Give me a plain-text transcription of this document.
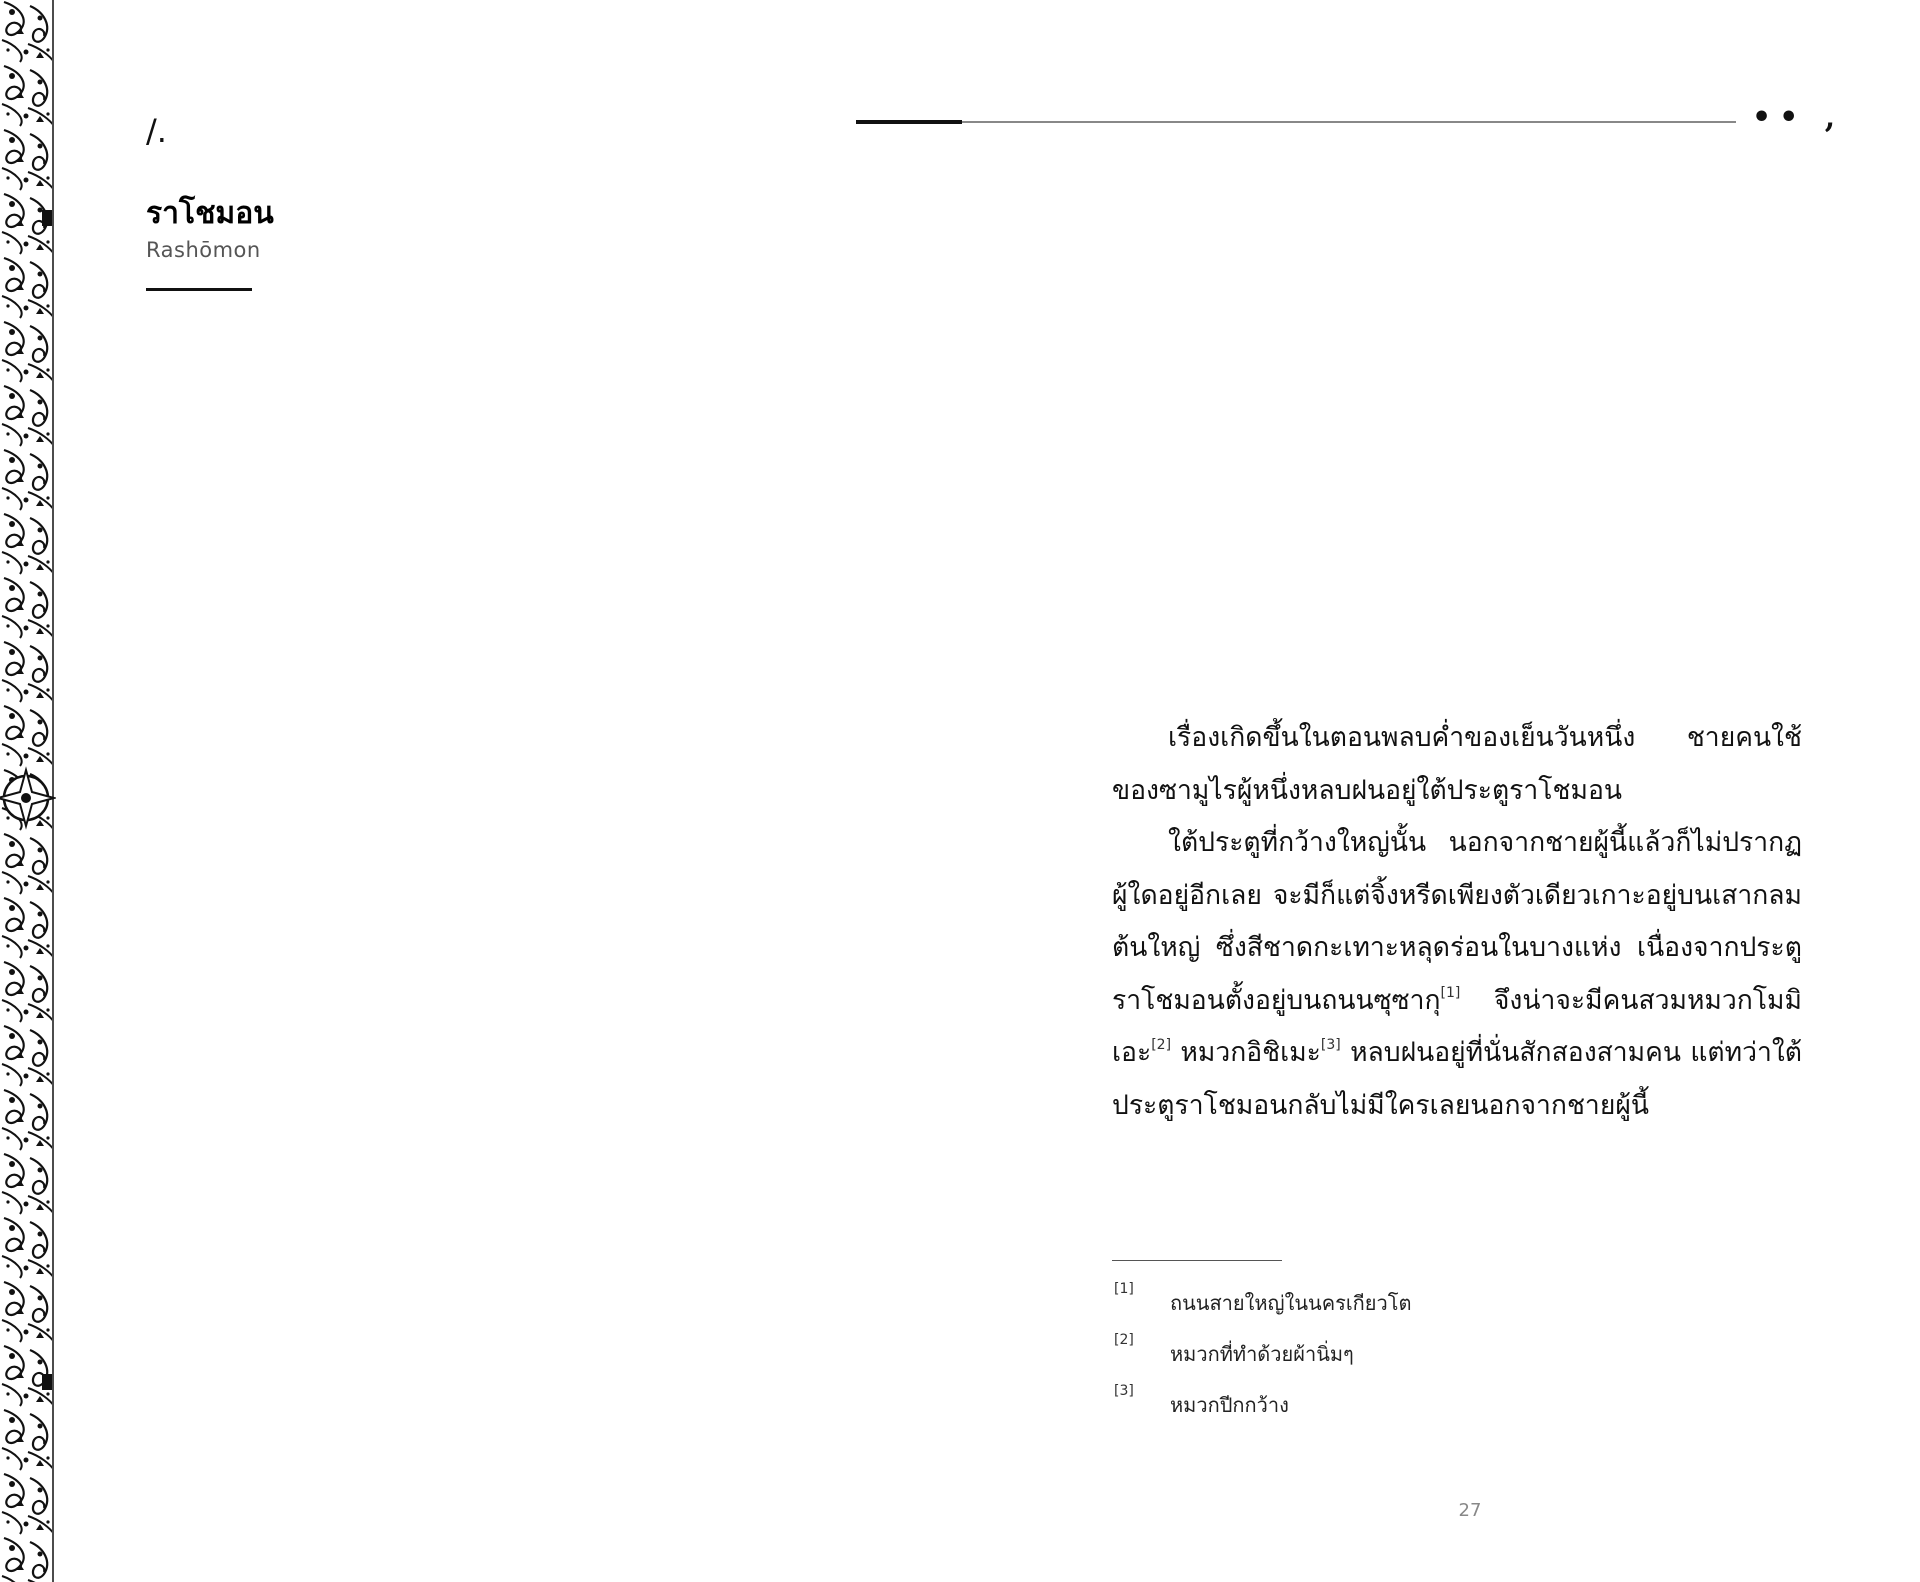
/.
ราโชมอน
Rashōmon
•• ,

เรื่องเกิดขึ้นในตอนพลบค่ำของเย็นวันหนึ่ง ชายคนใช้ของซามูไรผู้หนึ่งหลบฝนอยู่ใต้ประตูราโชมอน

ใต้ประตูที่กว้างใหญ่นั้น นอกจากชายผู้นี้แล้วก็ไม่ปรากฏผู้ใดอยู่อีกเลย จะมีก็แต่จิ้งหรีดเพียงตัวเดียวเกาะอยู่บนเสากลมต้นใหญ่ ซึ่งสีชาดกะเทาะหลุดร่อนในบางแห่ง เนื่องจากประตูราโชมอนตั้งอยู่บนถนนซุซากุ[1] จึงน่าจะมีคนสวมหมวกโมมิเอะ[2] หมวกอิชิเมะ[3] หลบฝนอยู่ที่นั่นสักสองสามคน แต่ทว่าใต้ประตูราโชมอนกลับไม่มีใครเลยนอกจากชายผู้นี้

[1]
ถนนสายใหญ่ในนครเกียวโต
[2]
หมวกที่ทำด้วยผ้านิ่มๆ
[3]
หมวกปีกกว้าง
27
